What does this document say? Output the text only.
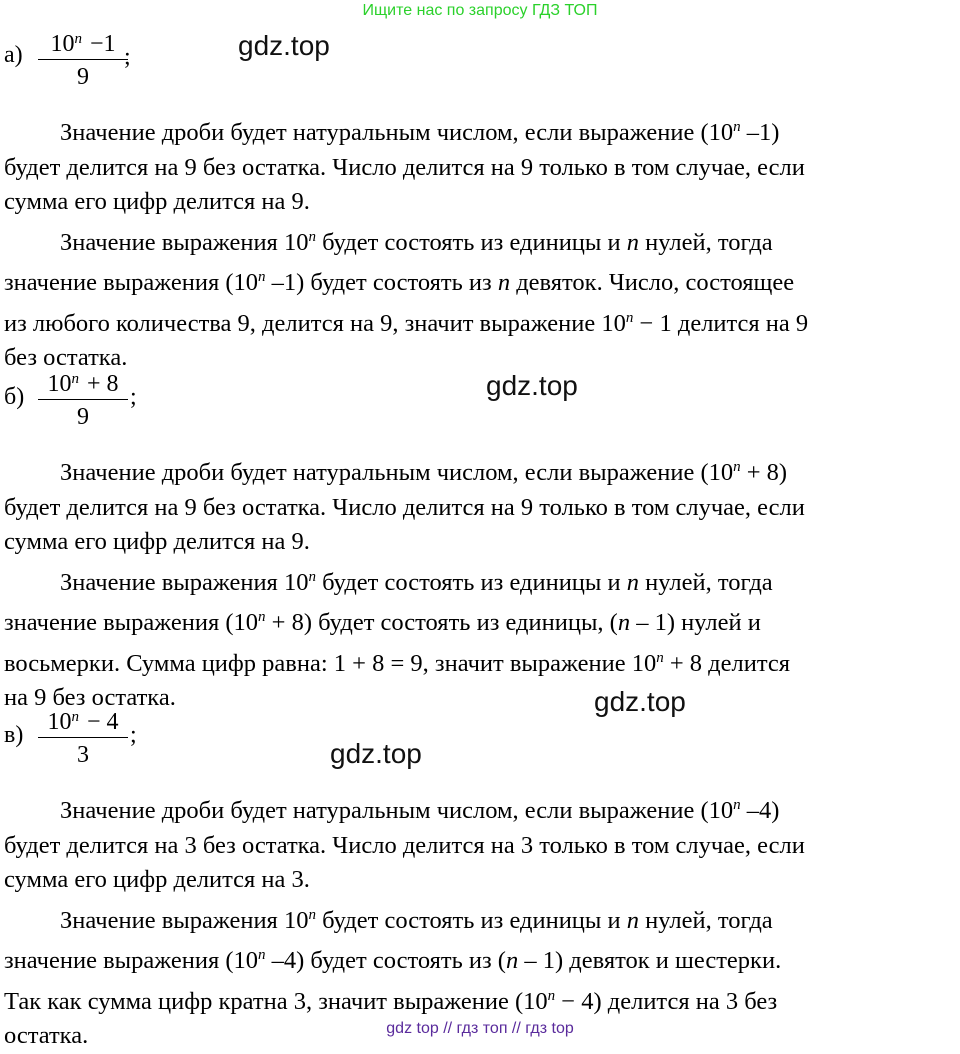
Ищите нас по запросу ГДЗ ТОП
а) $10^n -1$
9
;	gdz.top

Значение дроби будет натуральным числом, если выражение (10$^n$ –1)

будет делится на 9 без остатка. Число делится на 9 только в том случае, если

сумма его цифр делится на 9.

Значение выражения 10$^n$ будет состоять из единицы и n нулей, тогда

значение выражения (10$^n$ –1) будет состоять из n девяток. Число, состоящее

из любого количества 9, делится на 9, значит выражение $10^n - 1$ делится на 9

без остатка.

б) $10^n + 8$
9
;	gdz.top

Значение дроби будет натуральным числом, если выражение $(10^n + 8)$

будет делится на 9 без остатка. Число делится на 9 только в том случае, если

сумма его цифр делится на 9.

Значение выражения 10$^n$ будет состоять из единицы и n нулей, тогда

значение выражения $(10^n + 8)$ будет состоять из единицы, (n – 1) нулей и

восьмерки. Сумма цифр равна: 1 + 8 = 9, значит выражение $10^n + 8$ делится

на 9 без остатка.	gdz.top
в) $10^n - 4$
3
;
gdz.top

Значение дроби будет натуральным числом, если выражение (10$^n$ –4)

будет делится на 3 без остатка. Число делится на 3 только в том случае, если

сумма его цифр делится на 3.

Значение выражения 10$^n$ будет состоять из единицы и n нулей, тогда

значение выражения (10$^n$ –4) будет состоять из (n – 1) девяток и шестерки.

Так как сумма цифр кратна 3, значит выражение $(10^n - 4)$ делится на 3 без

остатка.	gdz top // гдз топ // гдз top
